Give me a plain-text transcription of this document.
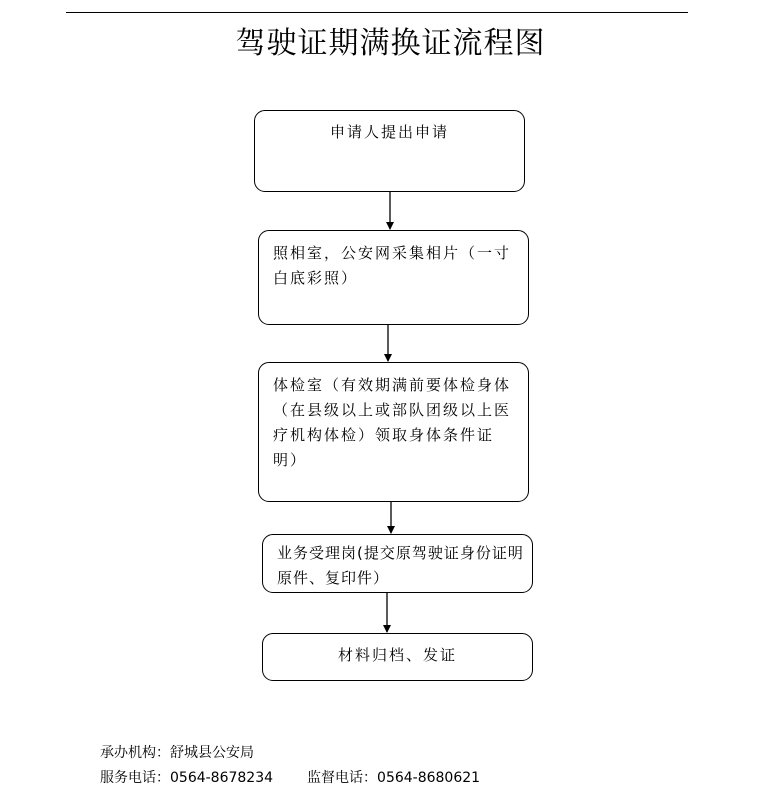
驾驶证期满换证流程图
申请人提出申请
照相室，公安网采集相片（一寸白底彩照）
体检室（有效期满前要体检身体（在县级以上或部队团级以上医疗机构体检）领取身体条件证明）
业务受理岗(提交原驾驶证身份证明原件、复印件）
材料归档、发证
承办机构：舒城县公安局
服务电话：0564-8678234 监督电话：0564-8680621
